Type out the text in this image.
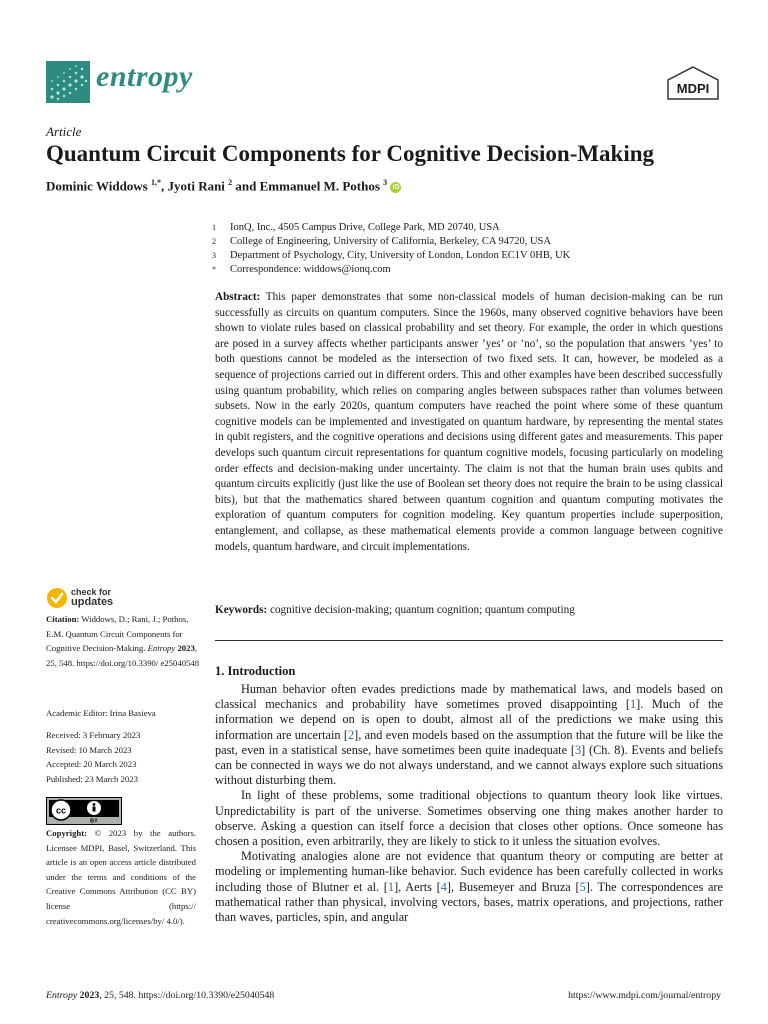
entropy	MDPI
Article
Quantum Circuit Components for Cognitive Decision-Making
Dominic Widdows $^{1,*}$, Jyoti Rani $^2$ and Emmanuel M. Pothos $^3$ iD
1	IonQ, Inc., 4505 Campus Drive, College Park, MD 20740, USA
2	College of Engineering, University of California, Berkeley, CA 94720, USA
3	Department of Psychology, City, University of London, London EC1V 0HB, UK
*	Correspondence: widdows@ionq.com
Abstract: This paper demonstrates that some non-classical models of human decision-making can be run successfully as circuits on quantum computers. Since the 1960s, many observed cognitive behaviors have been shown to violate rules based on classical probability and set theory. For example, the order in which questions are posed in a survey affects whether participants answer ’yes’ or ’no’, so the population that answers ’yes’ to both questions cannot be modeled as the intersection of two fixed sets. It can, however, be modeled as a sequence of projections carried out in different orders. This and other examples have been described successfully using quantum probability, which relies on comparing angles between subspaces rather than volumes between subsets. Now in the early 2020s, quantum computers have reached the point where some of these quantum cognitive models can be implemented and investigated on quantum hardware, by representing the mental states in qubit registers, and the cognitive operations and decisions using different gates and measurements. This paper develops such quantum circuit representations for quantum cognitive models, focusing particularly on modeling order effects and decision-making under uncertainty. The claim is not that the human brain uses qubits and quantum circuits explicitly (just like the use of Boolean set theory does not require the brain to be using classical bits), but that the mathematics shared between quantum cognition and quantum computing motivates the exploration of quantum computers for cognition modeling. Key quantum properties include superposition, entanglement, and collapse, as these mathematical elements provide a common language between cognitive models, quantum hardware, and circuit implementations.
Keywords: cognitive decision-making; quantum cognition; quantum computing
1. Introduction

Human behavior often evades predictions made by mathematical laws, and models based on classical mechanics and probability have sometimes proved disappointing [1]. Much of the information we depend on is open to doubt, almost all of the predictions we make using this information are uncertain [2], and even models based on the assumption that the future will be like the past, even in a statistical sense, have sometimes been quite inadequate [3] (Ch. 8). Events and beliefs can be connected in ways we do not always understand, and we cannot always explore such situations without disturbing them.

In light of these problems, some traditional objections to quantum theory look like virtues. Unpredictability is part of the universe. Sometimes observing one thing makes another harder to observe. Asking a question can itself force a decision that closes other options. Once someone has chosen a position, even arbitrarily, they are likely to stick to it unless the situation evolves.

Motivating analogies alone are not evidence that quantum theory or computing are better at modeling or implementing human-like behavior. Such evidence has been carefully collected in works including those of Blutner et al. [1], Aerts [4], Busemeyer and Bruza [5]. The correspondences are mathematical rather than physical, involving vectors, bases, matrix operations, and projections, rather than waves, particles, spin, and angular

check for
updates
Citation: Widdows, D.; Rani, J.; Pothos, E.M. Quantum Circuit Components for Cognitive Decision-Making. Entropy 2023, 25, 548. https://doi.org/10.3390/ e25040548
Academic Editor: Irina Basieva
Received: 3 February 2023
Revised: 10 March 2023
Accepted: 20 March 2023
Published: 23 March 2023
cc
BY
Copyright: © 2023 by the authors. Licensee MDPI, Basel, Switzerland. This article is an open access article distributed under the terms and conditions of the Creative Commons Attribution (CC BY) license (https:// creativecommons.org/licenses/by/ 4.0/).
Entropy 2023, 25, 548. https://doi.org/10.3390/e25040548	https://www.mdpi.com/journal/entropy
